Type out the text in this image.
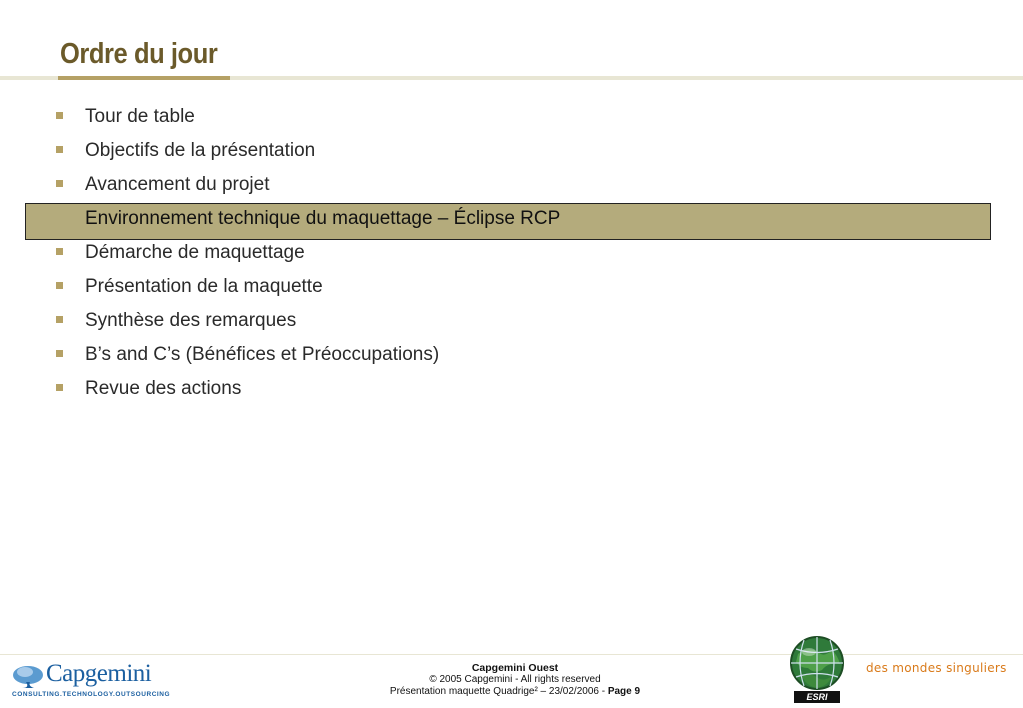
Ordre du jour
Tour de table
Objectifs de la présentation
Avancement du projet
Environnement technique du maquettage – Éclipse RCP
Démarche de maquettage
Présentation de la maquette
Synthèse des remarques
B’s and C’s (Bénéfices et Préoccupations)
Revue des actions
Capgemini
CONSULTING.TECHNOLOGY.OUTSOURCING
Capgemini Ouest
© 2005 Capgemini - All rights reserved
Présentation maquette Quadrige² – 23/02/2006 - Page 9	ESRI
des mondes singuliers
